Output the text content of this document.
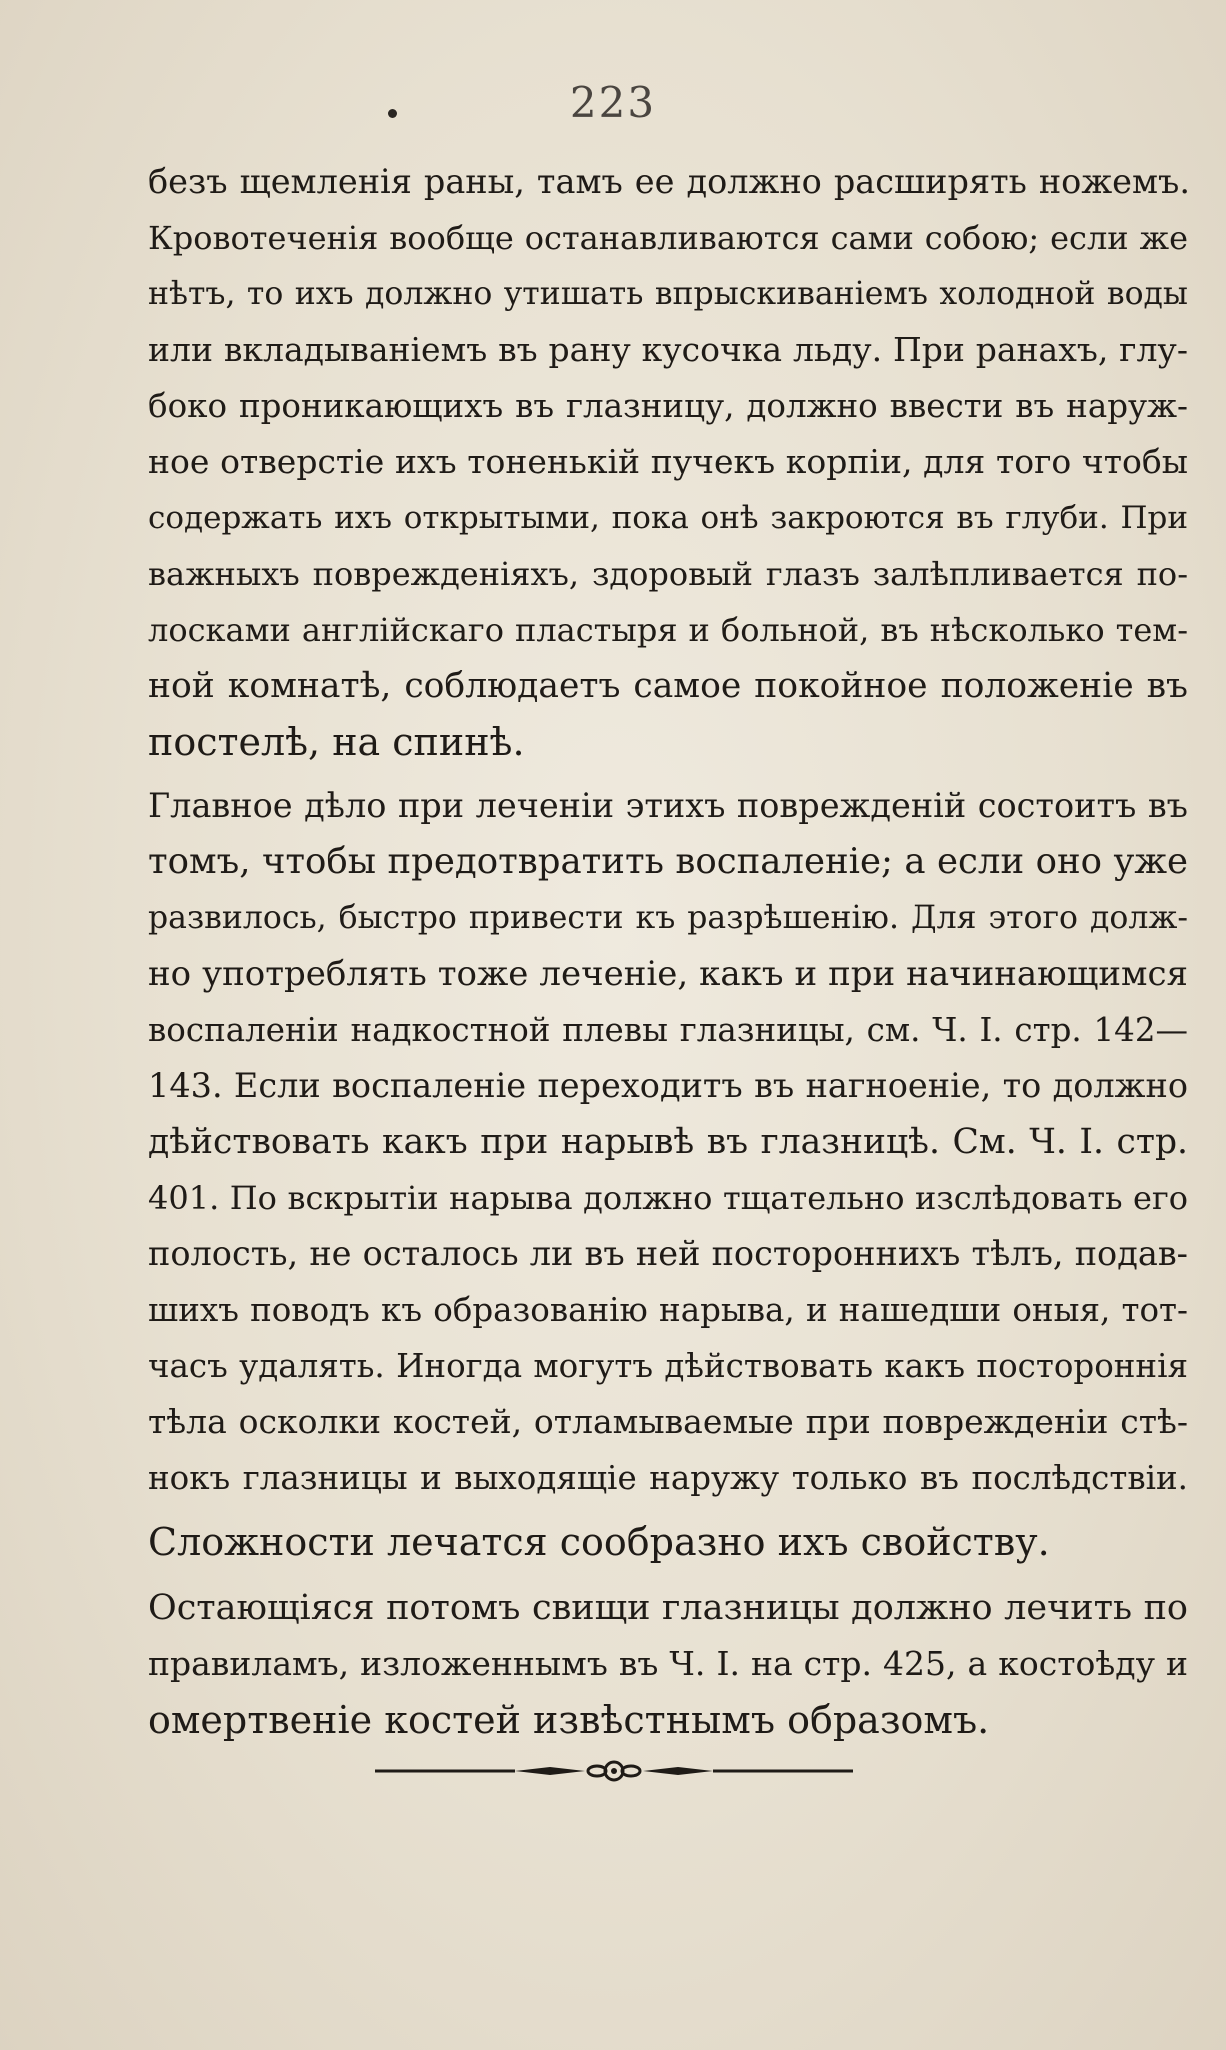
223
безъ щемленія раны, тамъ ее должно расширять ножемъ.
Кровотеченія вообще останавливаются сами собою; если же
нѣтъ, то ихъ должно утишать впрыскиваніемъ холодной воды
или вкладываніемъ въ рану кусочка льду. При ранахъ, глу-
боко проникающихъ въ глазницу, должно ввести въ наруж-
ное отверстіе ихъ тоненькій пучекъ корпіи, для того чтобы
содержать ихъ открытыми, пока онѣ закроются въ глуби. При
важныхъ поврежденіяхъ, здоровый глазъ залѣпливается по-
лосками англійскаго пластыря и больной, въ нѣсколько тем-
ной комнатѣ, соблюдаетъ самое покойное положеніе въ
постелѣ, на спинѣ.
Главное дѣло при леченіи этихъ поврежденій состоитъ въ
томъ, чтобы предотвратить воспаленіе; а если оно уже
развилось, быстро привести къ разрѣшенію. Для этого долж-
но употреблять тоже леченіе, какъ и при начинающимся
воспаленіи надкостной плевы глазницы, см. Ч. I. стр. 142—
143. Если воспаленіе переходитъ въ нагноеніе, то должно
дѣйствовать какъ при нарывѣ въ глазницѣ. См. Ч. I. стр.
401. По вскрытіи нарыва должно тщательно изслѣдовать его
полость, не осталось ли въ ней постороннихъ тѣлъ, подав-
шихъ поводъ къ образованію нарыва, и нашедши оныя, тот-
часъ удалять. Иногда могутъ дѣйствовать какъ постороннія
тѣла осколки костей, отламываемые при поврежденіи стѣ-
нокъ глазницы и выходящіе наружу только въ послѣдствіи.
Сложности лечатся сообразно ихъ свойству.
Остающіяся потомъ свищи глазницы должно лечить по
правиламъ, изложеннымъ въ Ч. I. на стр. 425, а костоѣду и
омертвеніе костей извѣстнымъ образомъ.
